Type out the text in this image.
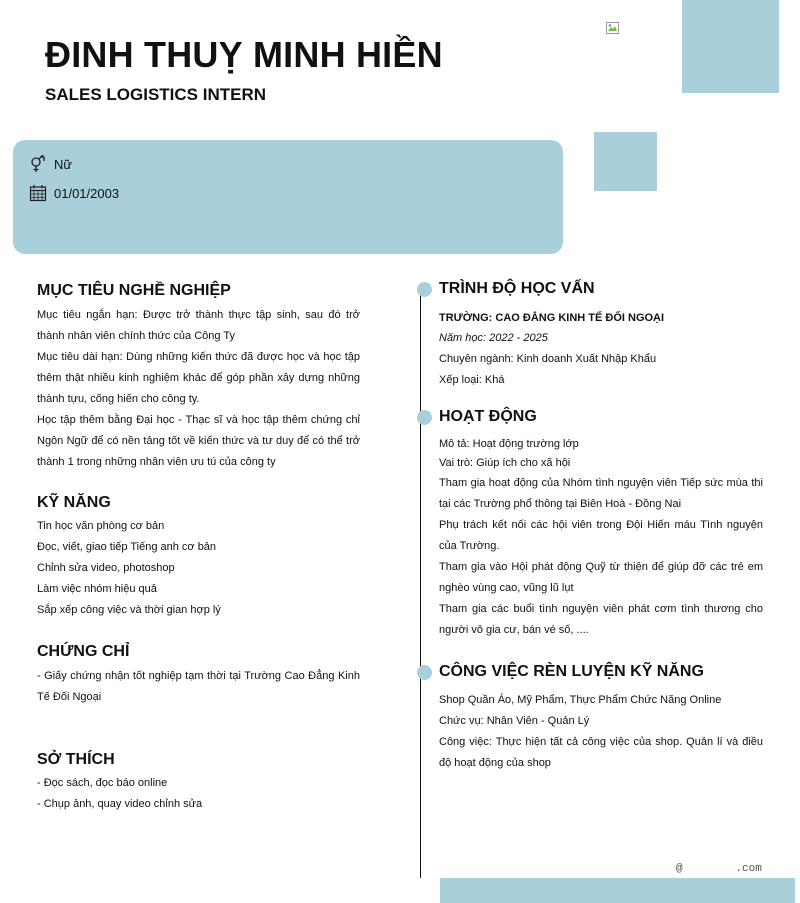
ĐINH THUỴ MINH HIỀN
SALES LOGISTICS INTERN
Nữ
01/01/2003
MỤC TIÊU NGHỀ NGHIỆP

Mục tiêu ngắn hạn: Được trở thành thực tập sinh, sau đó trở thành nhân viên chính thức của Công Ty

Mục tiêu dài hạn: Dùng những kiến thức đã được học và học tập thêm thật nhiều kinh nghiệm khác để góp phần xây dựng những thành tựu, cống hiến cho công ty.

Học tập thêm bằng Đại học - Thạc sĩ và học tập thêm chứng chỉ Ngôn Ngữ để có nền tảng tốt về kiến thức và tư duy để có thể trở thành 1 trong những nhân viên ưu tú của công ty

KỸ NĂNG
Tin học văn phòng cơ bản
Đọc, viết, giao tiếp Tiếng anh cơ bản
Chỉnh sửa video, photoshop
Làm việc nhóm hiệu quả
Sắp xếp công việc và thời gian hợp lý
CHỨNG CHỈ

- Giấy chứng nhận tốt nghiệp tạm thời tại Trường Cao Đẳng Kinh Tế Đối Ngoại

SỞ THÍCH
- Đọc sách, đọc báo online
- Chụp ảnh, quay video chỉnh sửa
TRÌNH ĐỘ HỌC VẤN
TRƯỜNG: CAO ĐẲNG KINH TẾ ĐỐI NGOẠI
Năm học: 2022 - 2025
Chuyên ngành: Kinh doanh Xuất Nhập Khẩu
Xếp loại: Khá
HOẠT ĐỘNG
Mô tả: Hoạt động trường lớp
Vai trò: Giúp ích cho xã hội

Tham gia hoạt động của Nhóm tình nguyện viên Tiếp sức mùa thi tại các Trường phổ thông tại Biên Hoà - Đồng Nai

Phụ trách kết nối các hội viên trong Đội Hiến máu Tình nguyện của Trường.

Tham gia vào Hội phát động Quỹ từ thiện để giúp đỡ các trẻ em nghèo vùng cao, vũng lũ lụt

Tham gia các buổi tình nguyện viên phát cơm tình thương cho người vô gia cư, bán vé số, ....

CÔNG VIỆC RÈN LUYỆN KỸ NĂNG
Shop Quần Áo, Mỹ Phẩm, Thực Phẩm Chức Năng Online
Chức vụ: Nhân Viên - Quản Lý

Công việc: Thực hiện tất cả công việc của shop. Quản lí và điều độ hoạt động của shop

@        .com
